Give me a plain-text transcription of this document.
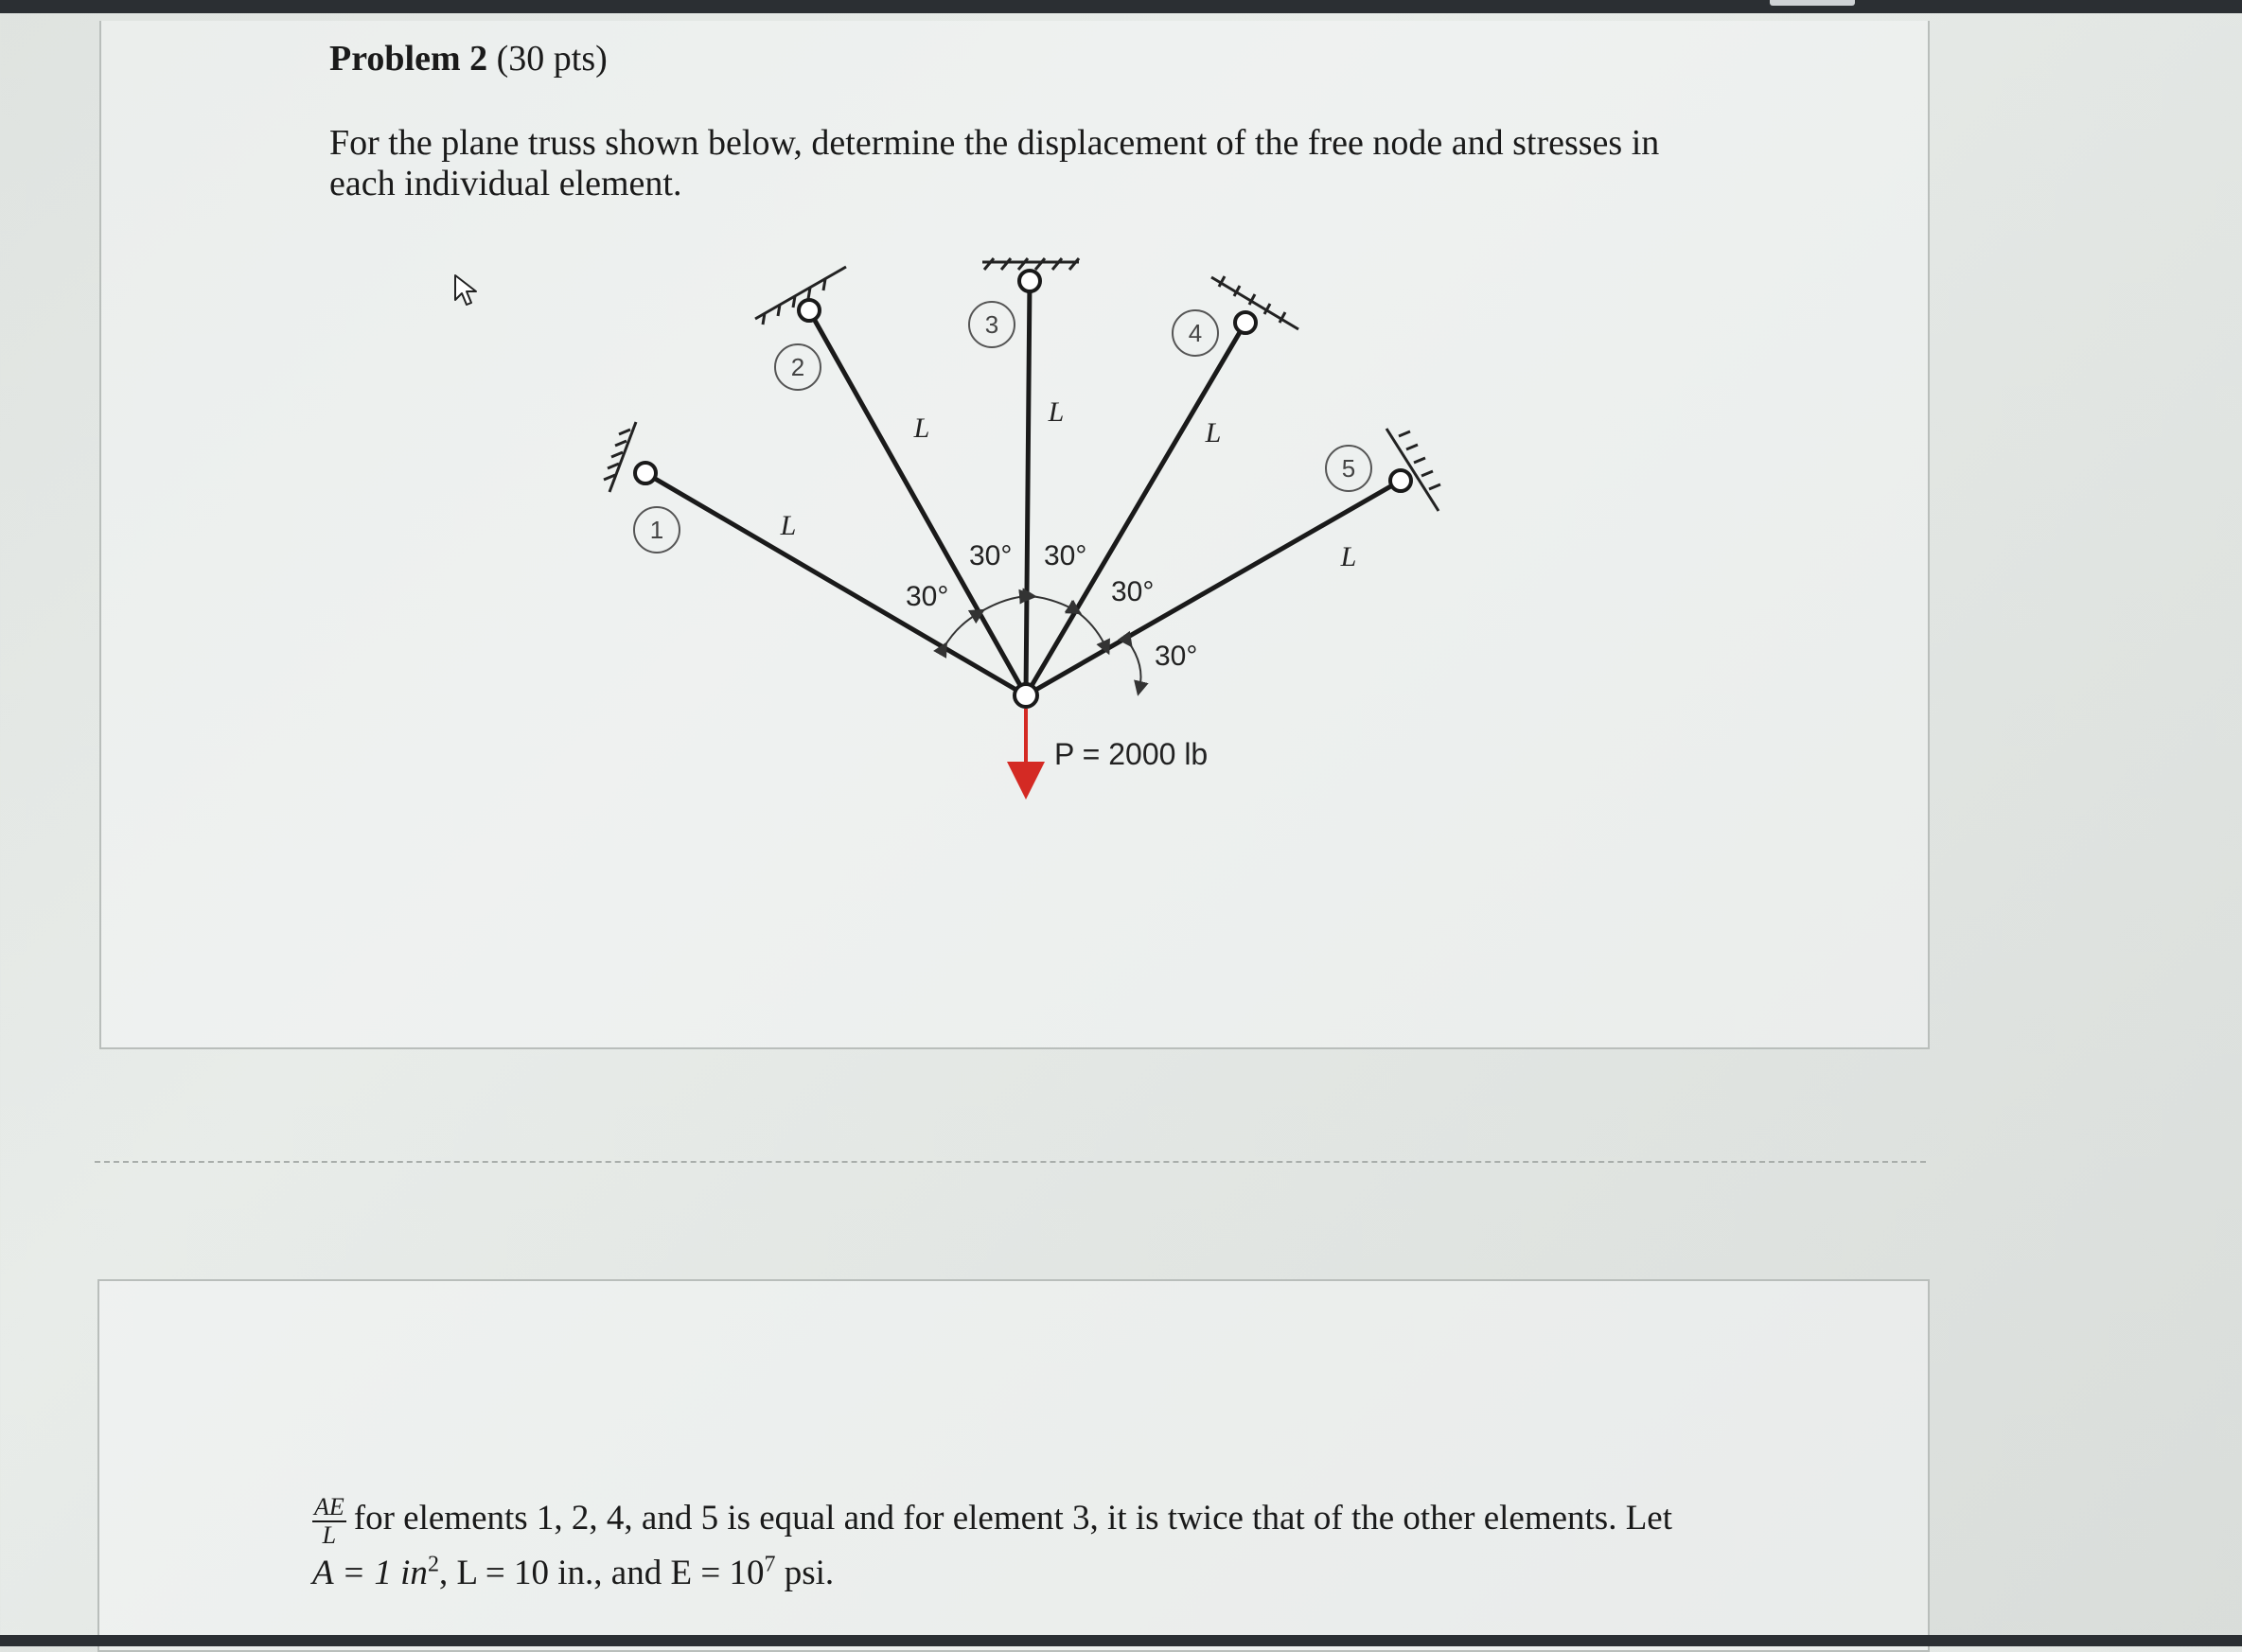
Problem 2 (30 pts)
For the plane truss shown below, determine the displacement of the free node and stresses in each individual element.
1
2
3	4
5
L
L
L
L
L
30°
30° 30°
30°
30°
P = 2000 lb
$\frac{AE}{L}$ for elements 1, 2, 4, and 5 is equal and for element 3, it is twice that of the other elements. Let
A = 1 $in^2$, L = 10 in., and $E = 10^7$ psi.
